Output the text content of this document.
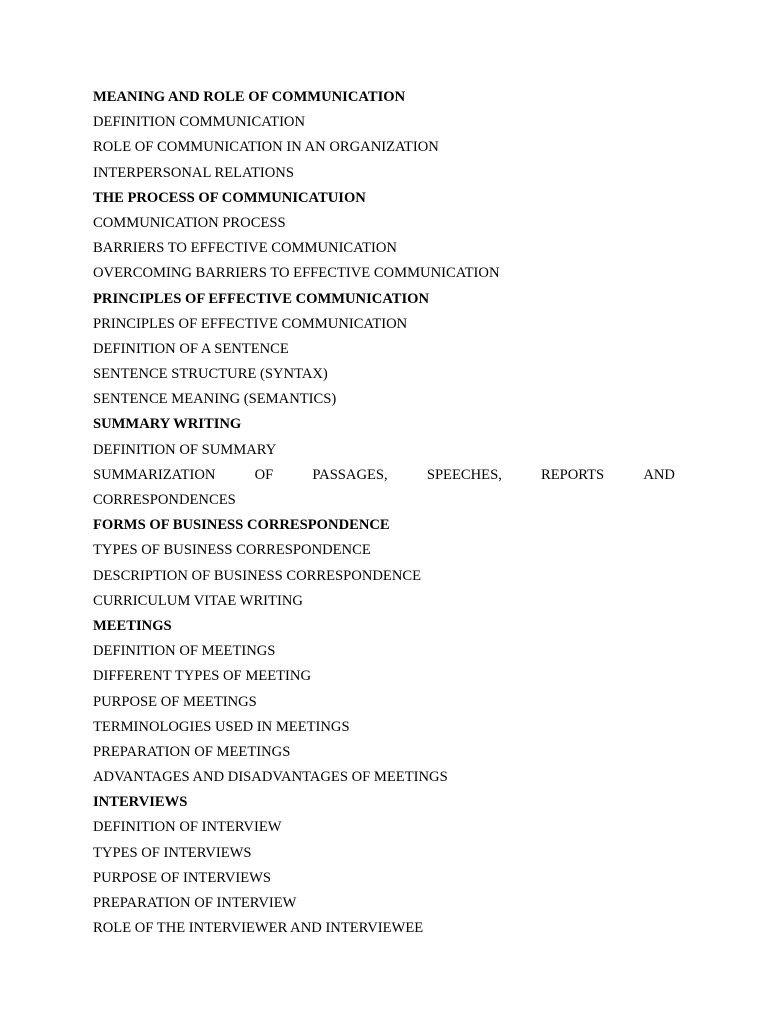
MEANING AND ROLE OF COMMUNICATION
DEFINITION COMMUNICATION
ROLE OF COMMUNICATION IN AN ORGANIZATION
INTERPERSONAL RELATIONS
THE PROCESS OF COMMUNICATUION
COMMUNICATION PROCESS
BARRIERS TO EFFECTIVE COMMUNICATION
OVERCOMING BARRIERS TO EFFECTIVE COMMUNICATION
PRINCIPLES OF EFFECTIVE COMMUNICATION
PRINCIPLES OF EFFECTIVE COMMUNICATION
DEFINITION OF A SENTENCE
SENTENCE STRUCTURE (SYNTAX)
SENTENCE MEANING (SEMANTICS)
SUMMARY WRITING
DEFINITION OF SUMMARY
SUMMARIZATION	OF	PASSAGES,	SPEECHES,	REPORTS	AND
CORRESPONDENCES
FORMS OF BUSINESS CORRESPONDENCE
TYPES OF BUSINESS CORRESPONDENCE
DESCRIPTION OF BUSINESS CORRESPONDENCE
CURRICULUM VITAE WRITING
MEETINGS
DEFINITION OF MEETINGS
DIFFERENT TYPES OF MEETING
PURPOSE OF MEETINGS
TERMINOLOGIES USED IN MEETINGS
PREPARATION OF MEETINGS
ADVANTAGES AND DISADVANTAGES OF MEETINGS
INTERVIEWS
DEFINITION OF INTERVIEW
TYPES OF INTERVIEWS
PURPOSE OF INTERVIEWS
PREPARATION OF INTERVIEW
ROLE OF THE INTERVIEWER AND INTERVIEWEE
